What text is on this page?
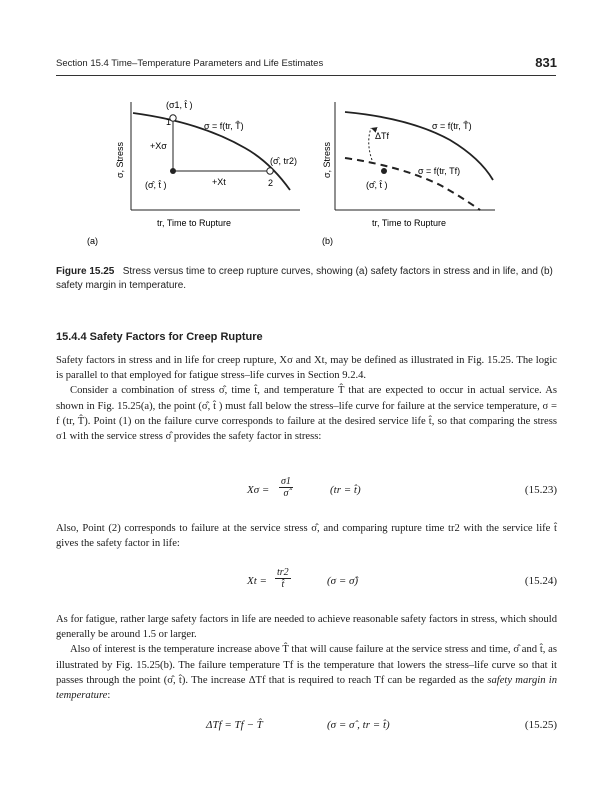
Section 15.4 Time–Temperature Parameters and Life Estimates	831
(σ1, t̂ )
1	σ = f(tr, T̂)
+Xσ
+Xt
(σ̂, tr2)
2
(σ̂, t̂ )
tr, Time to Rupture
σ, Stress
(a)
ΔTf
σ = f(tr, T̂)
σ = f(tr, Tf)
(σ̂, t̂ )
tr, Time to Rupture
σ, Stress
(b)
Figure 15.25 Stress versus time to creep rupture curves, showing (a) safety factors in stress and in life, and (b) safety margin in temperature.
15.4.4 Safety Factors for Creep Rupture

Safety factors in stress and in life for creep rupture, Xσ and Xt, may be defined as illustrated in Fig. 15.25. The logic is parallel to that employed for fatigue stress–life curves in Section 9.2.4.

Consider a combination of stress σ̂, time t̂, and temperature T̂ that are expected to occur in actual service. As shown in Fig. 15.25(a), the point (σ̂, t̂ ) must fall below the stress–life curve for failure at the service temperature, σ = f (tr, T̂). Point (1) on the failure curve corresponds to failure at the desired service life t̂, so that comparing the stress σ1 with the service stress σ̂ provides the safety factor in stress:

$X\sigma = \frac{\sigma 1}{\sigmâ}$	(tr = t̂)	(15.23)

Also, Point (2) corresponds to failure at the service stress σ̂, and comparing rupture time tr2 with the service life t̂ gives the safety factor in life:

$Xt = \frac{tr2}{t̂}$	(σ = σ̂)	(15.24)

As for fatigue, rather large safety factors in life are needed to achieve reasonable safety factors in stress, which should generally be around 1.5 or larger.

Also of interest is the temperature increase above T̂ that will cause failure at the service stress and time, σ̂ and t̂, as illustrated by Fig. 15.25(b). The failure temperature Tf is the temperature that lowers the stress–life curve so that it passes through the point (σ̂, t̂). The increase ΔTf that is required to reach Tf can be regarded as the safety margin in temperature:

ΔTf = Tf − T̂	(σ = σ̂ , tr = t̂)	(15.25)
